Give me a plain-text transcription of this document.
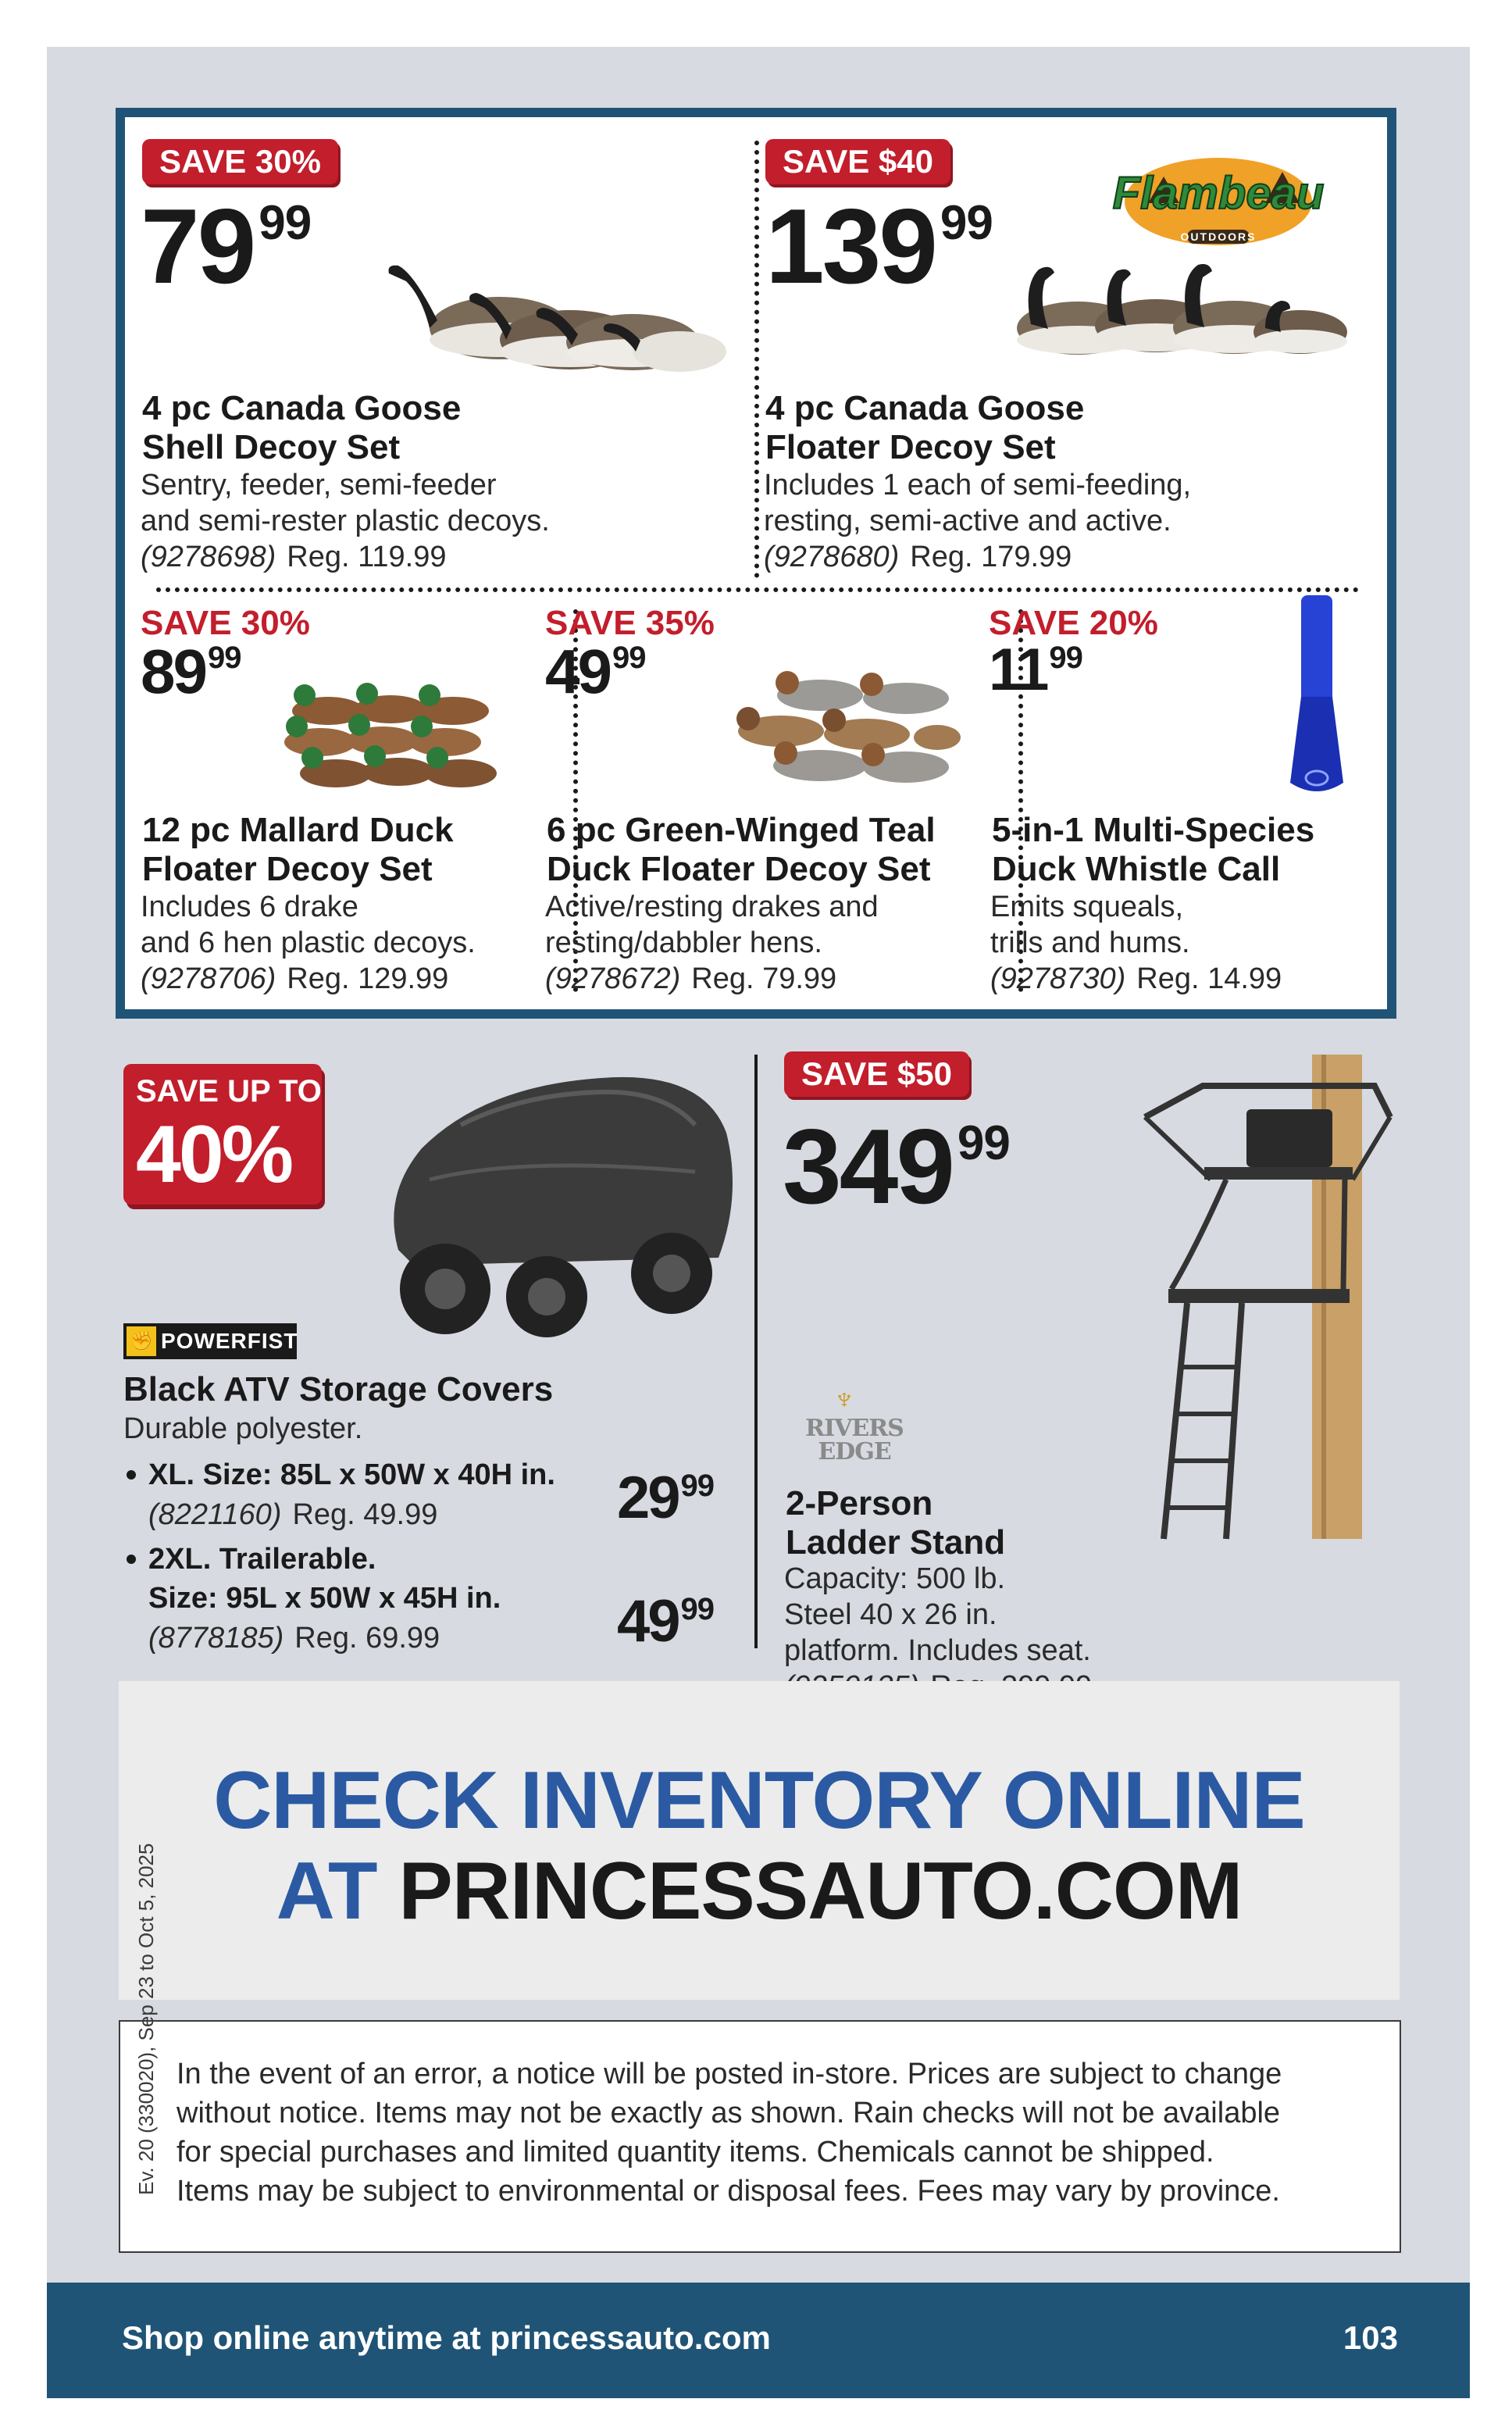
SAVE 30%
7999
4 pc Canada Goose
Shell Decoy Set
Sentry, feeder, semi-feeder
and semi-rester plastic decoys.
(9278698) Reg. 119.99
SAVE $40
13999
Flambeau
OUTDOORS
4 pc Canada Goose
Floater Decoy Set
Includes 1 each of semi-feeding,
resting, semi-active and active.
(9278680) Reg. 179.99
SAVE 30%
8999
12 pc Mallard Duck
Floater Decoy Set
Includes 6 drake
and 6 hen plastic decoys.
(9278706) Reg. 129.99
SAVE 35%
4999
6 pc Green-Winged Teal
Duck Floater Decoy Set
Active/resting drakes and
resting/dabbler hens.
(9278672) Reg. 79.99
SAVE 20%
1199
5-in-1 Multi-Species
Duck Whistle Call
Emits squeals,
trills and hums.
(9278730) Reg. 14.99
SAVE UP TO
40%
✊ POWERFIST
Black ATV Storage Covers
Durable polyester.
XL. Size: 85L x 50W x 40H in.
(8221160) Reg. 49.99	2999
2XL. Trailerable.
Size: 95L x 50W x 45H in.
(8778185) Reg. 69.99	4999
SAVE $50
34999
♆
RIVERS EDGE
2-Person
Ladder Stand
Capacity: 500 lb.
Steel 40 x 26 in.
platform. Includes seat.
CHECK INVENTORY ONLINE
AT PRINCESSAUTO.COM
In the event of an error, a notice will be posted in-store. Prices are subject to change
without notice. Items may not be exactly as shown. Rain checks will not be available
for special purchases and limited quantity items. Chemicals cannot be shipped.
Items may be subject to environmental or disposal fees. Fees may vary by province.
Ev. 20 (330020), Sep 23 to Oct 5, 2025
Shop online anytime at princessauto.com	103
